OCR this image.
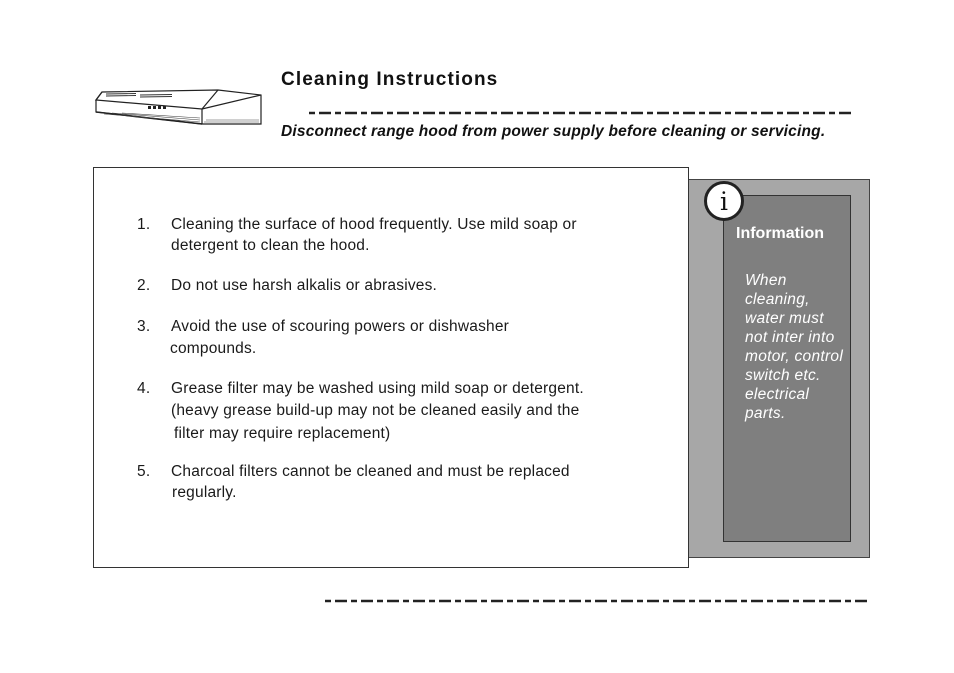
Cleaning Instructions

Disconnect range hood from power supply before cleaning or servicing.

i
Information

When cleaning, water must not inter into motor, control switch etc. electrical parts.

1. Cleaning the surface of hood frequently. Use mild soap or
detergent to clean the hood.
2. Do not use harsh alkalis or abrasives.
3. Avoid the use of scouring powers or dishwasher
compounds.
4. Grease filter may be washed using mild soap or detergent.
(heavy grease build-up may not be cleaned easily and the
filter may require replacement)
5. Charcoal filters cannot be cleaned and must be replaced
regularly.
